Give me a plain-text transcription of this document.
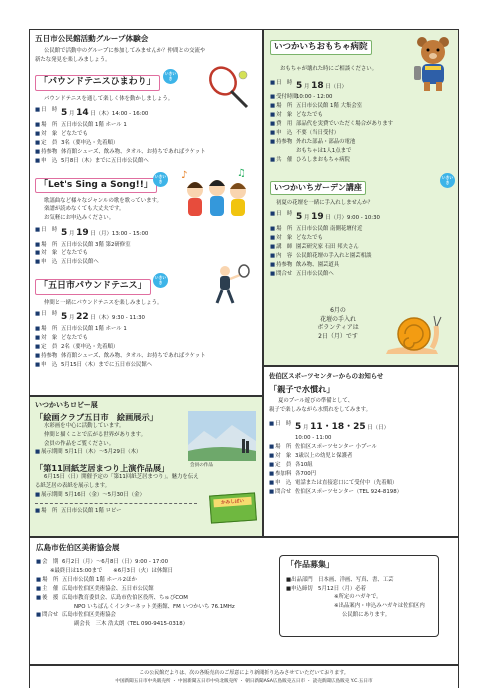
五日市公民館活動グループ体験会
公民館で活動中のグループに参加してみませんか？仲間との交流や
新たな発見を楽しみましょう。
「パウンドテニスひまわり」
いきいき
パウンドテニスを通して楽しく体を動かしましょう。
■ 日　時 5 月 14 日（木）14:00 - 16:00
■ 場　所 五日市公民館 1階 ホール 1
■ 対　象 どなたでも
■ 定　員 3名（要申込・先着順）
■ 持参物 体育館シューズ、飲み物、タオル、お持ちであればラケット
■ 申　込 5月8日（木）までに五日市公民館へ
「Let's Sing a Song!!」
いきいき
♪	♫
歌謡曲など様々なジャンルの歌を歌っています。
楽譜が読めなくても大丈夫です。
お気軽にお申込みください。
■ 日　時 5 月 19 日（月）13:00 - 15:00
■ 場　所 五日市公民館 3階 第2研修室
■ 対　象 どなたでも
■ 申　込 五日市公民館へ
「五日市パウンドテニス」
いきいき
仲間と一緒にパウンドテニスを楽しみましょう。
■ 日　時 5 月 22 日（木）9:30 - 11:30
■ 場　所 五日市公民館 1階 ホール 1
■ 対　象 どなたでも
■ 定　員 2名（要申込・先着順）
■ 持参物 体育館シューズ、飲み物、タオル、お持ちであればラケット
■ 申　込 5月15日（木）までに五日市公民館へ
いつかいちおもちゃ病院
おもちゃが壊れた時にご相談ください。
■ 日　時 5 月 18 日（日）
■ 受付時間
10:00 - 12:00
■ 場　所 五日市公民館 1階 大集会室
■ 対　象 どなたでも
■ 費　用 部品代を実費でいただく場合があります
■ 申　込 不要（当日受付）
■ 持参物 外れた部品・部品の電池
おもちゃは1人1点まで
■ 共　催 ひろしまおもちゃ病院
いつかいちガーデン講座
いきいき
初夏の花壇を一緒に手入れしませんか？
■ 日　時 5 月 19 日（月）9:00 - 10:30
■ 場　所 五日市公民館 南側花壇付近
■ 対　象 どなたでも
■ 講　師 園芸研究家 石田 邦夫さん
■ 内　容 公民館花壇の手入れと園芸相談
■ 持参物 飲み物、園芸道具
■ 問合せ 五日市公民館へ
6月の
花壇の手入れ
ボランティアは
2日（月）です
いつかいちロビー展
「絵画クラブ五日市　絵画展示」
水彩画を中心に活動しています。
仲間と描くことで広がる世界があります。
会員の作品をご覧ください。
■ 展示期間 5月1日（木）〜5月29日（木）
会員の作品
「第11回紙芝居まつり上演作品展」
6月15日（日）開催予定の「第11回紙芝居まつり」。魅力を伝え
る紙芝居の表紙を展示します。
■ 展示期間 5月16日（金）〜5月30日（金）
かみしばい
■ 場　所 五日市公民館 1階 ロビー
佐伯区スポーツセンターからのお知らせ
「親子で水慣れ」
夏のプール遊びの準備として、
親子で楽しみながら水慣れをしてみます。
■ 日　時 5 月 11・18・25 日（日）
10:00 - 11:00
■ 場　所 佐伯区スポーツセンター 小プール
■ 対　象 3歳以上の幼児と保護者
■ 定　員 各10組
■ 参加料 各700円
■ 申　込 電話または直接窓口にて受付中（先着順）
■ 問合せ 佐伯区スポーツセンター（TEL 924-8198）
広島市佐伯区美術協会展
■ 会　期 6月2日（月）〜6月8日（日）9:00 - 17:00
※最終日は15:00まで　　※6月3日（火）は休館日
■ 場　所 五日市公民館 1階 ホール2ほか
■ 主　催 広島市佐伯区美術協会、五日市公民館
■ 後　援 広島市教育委員会、広島市佐伯区役所、ちゅぴCOM
NPO いちばんくインターネット美術館、FM いつかいち 76.1MHz
■ 問合せ 広島市佐伯区美術協会
副会長　三木 浩太朗（TEL 090-9415-0318）
「作品募集」
■出品部門　日本画、洋画、写真、書、工芸
■申込締切　5月12日（月）必着
※所定のハガキで。
※出品案内・申込みハガキは佐伯区内
公民館にあります。
この公民館だよりは、次の各販売店のご厚意により新聞折り込みさせていただいております。
中国新聞五日市中央販売所 ・ 中国新聞五日市中央北販売所 ・ 朝日新聞ASA広島販売五日市 ・ 読売新聞広島販売 Y.C.五日市
